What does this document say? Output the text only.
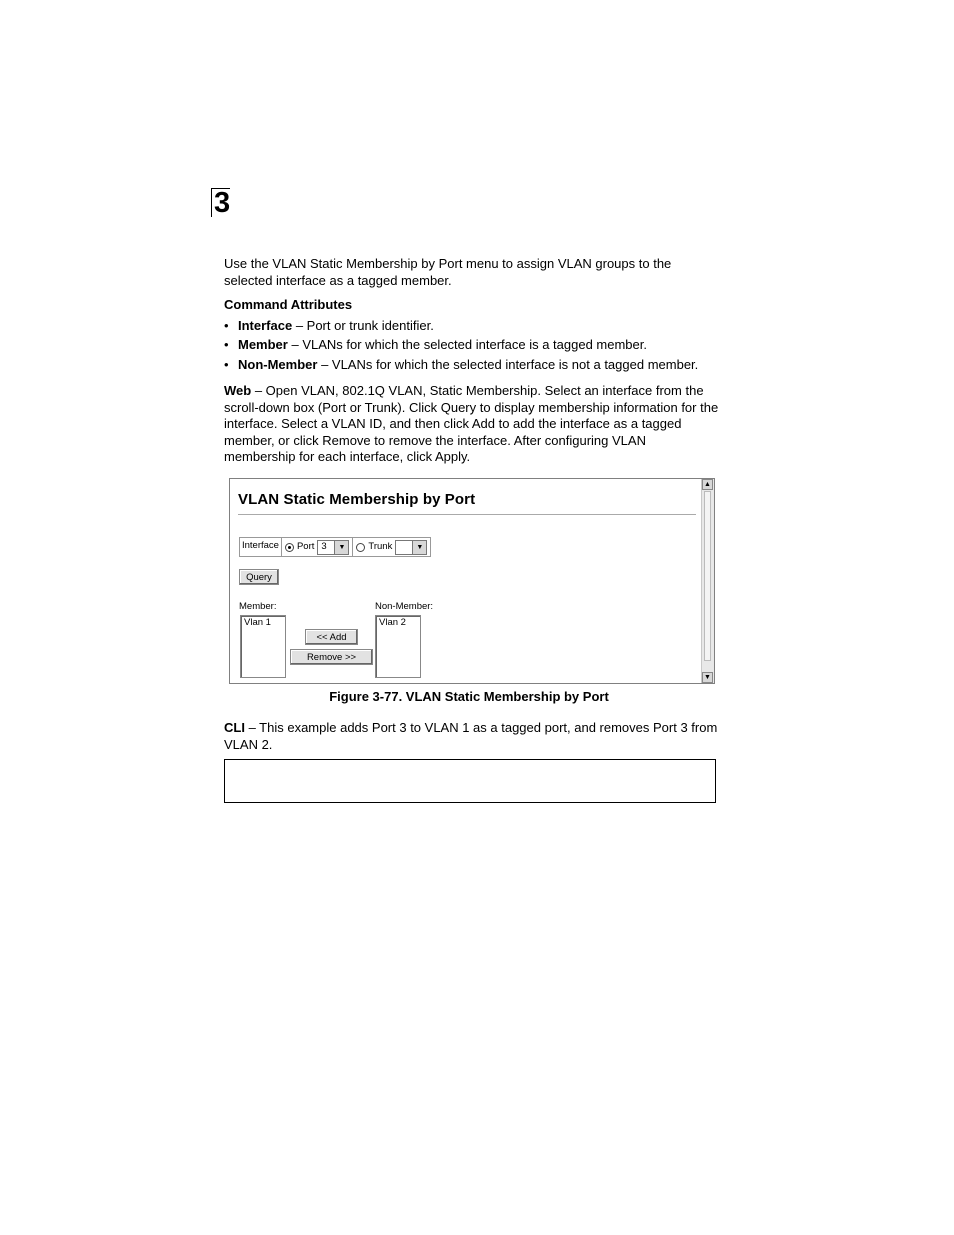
3

Use the VLAN Static Membership by Port menu to assign VLAN groups to the selected interface as a tagged member.

Command Attributes

• Interface – Port or trunk identifier.
• Member – VLANs for which the selected interface is a tagged member.
• Non-Member – VLANs for which the selected interface is not a tagged member.

Web – Open VLAN, 802.1Q VLAN, Static Membership. Select an interface from the scroll-down box (Port or Trunk). Click Query to display membership information for the interface. Select a VLAN ID, and then click Add to add the interface as a tagged member, or click Remove to remove the interface. After configuring VLAN membership for each interface, click Apply.

VLAN Static Membership by Port
Interface	Port 3	▼	Trunk	▼
Query
Member:
Vlan 1
<< Add
Remove >>
Non-Member:
Vlan 2
▲
▼
Figure 3-77. VLAN Static Membership by Port

CLI – This example adds Port 3 to VLAN 1 as a tagged port, and removes Port 3 from VLAN 2.
